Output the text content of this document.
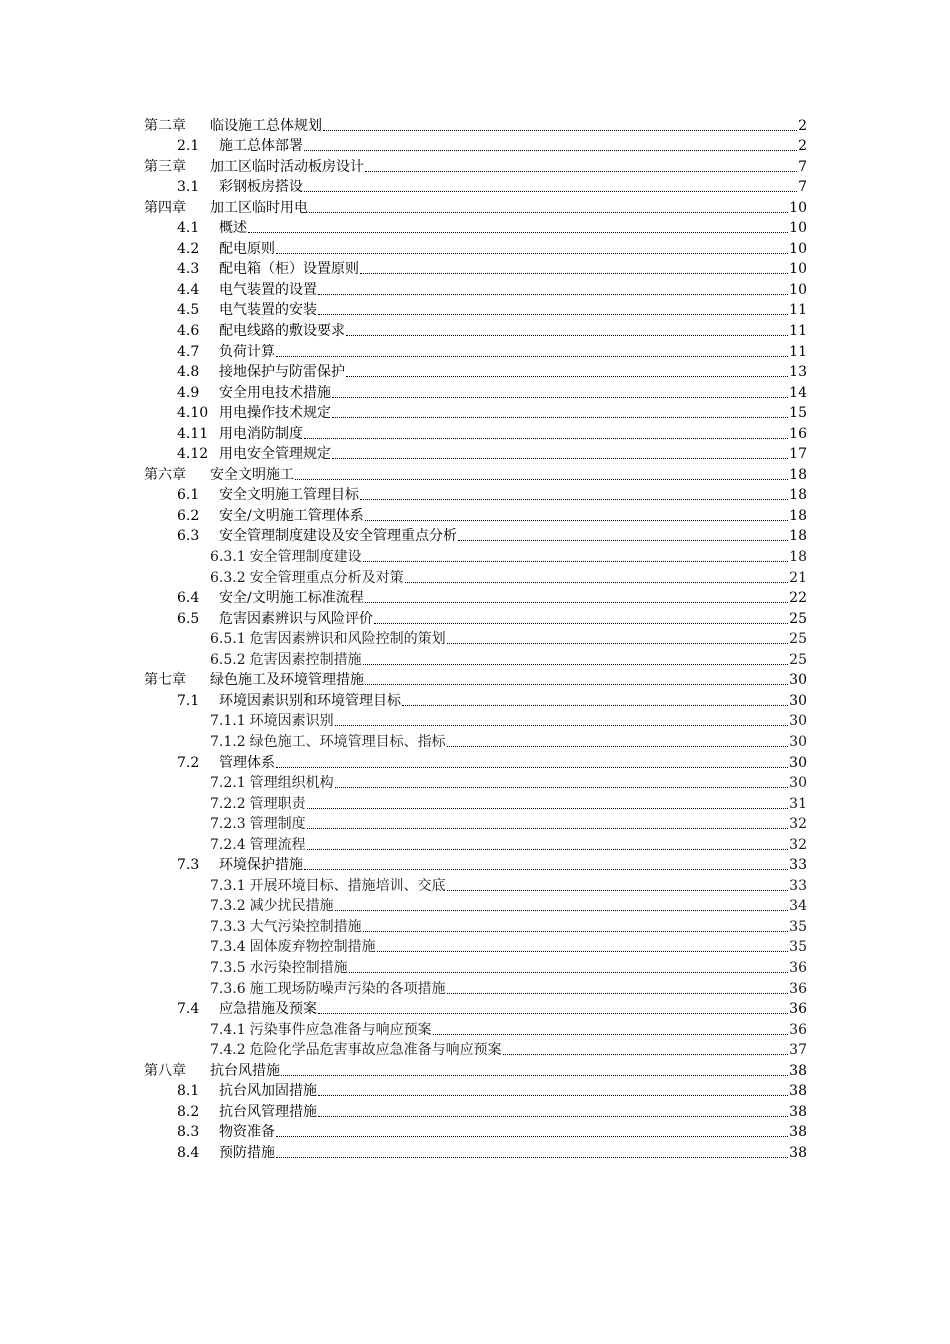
第二章	临设施工总体规划	2
2.1	施工总体部署	2
第三章	加工区临时活动板房设计	7
3.1	彩钢板房搭设	7
第四章	加工区临时用电	10
4.1	概述	10
4.2	配电原则	10
4.3	配电箱（柜）设置原则	10
4.4	电气装置的设置	10
4.5	电气装置的安装	11
4.6	配电线路的敷设要求	11
4.7	负荷计算	11
4.8	接地保护与防雷保护	13
4.9	安全用电技术措施	14
4.10 用电操作技术规定	15
4.11 用电消防制度	16
4.12 用电安全管理规定	17
第六章	安全文明施工	18
6.1	安全文明施工管理目标	18
6.2	安全/文明施工管理体系	18
6.3	安全管理制度建设及安全管理重点分析	18
6.3.1 安全管理制度建设	18
6.3.2 安全管理重点分析及对策	21
6.4	安全/文明施工标准流程	22
6.5	危害因素辨识与风险评价	25
6.5.1 危害因素辨识和风险控制的策划	25
6.5.2 危害因素控制措施	25
第七章	绿色施工及环境管理措施	30
7.1	环境因素识别和环境管理目标	30
7.1.1 环境因素识别	30
7.1.2 绿色施工、环境管理目标、指标	30
7.2	管理体系	30
7.2.1 管理组织机构	30
7.2.2 管理职责	31
7.2.3 管理制度	32
7.2.4 管理流程	32
7.3	环境保护措施	33
7.3.1 开展环境目标、措施培训、交底	33
7.3.2 减少扰民措施	34
7.3.3 大气污染控制措施	35
7.3.4 固体废弃物控制措施	35
7.3.5 水污染控制措施	36
7.3.6 施工现场防噪声污染的各项措施	36
7.4	应急措施及预案	36
7.4.1 污染事件应急准备与响应预案	36
7.4.2 危险化学品危害事故应急准备与响应预案	37
第八章	抗台风措施	38
8.1	抗台风加固措施	38
8.2	抗台风管理措施	38
8.3	物资准备	38
8.4	预防措施	38
